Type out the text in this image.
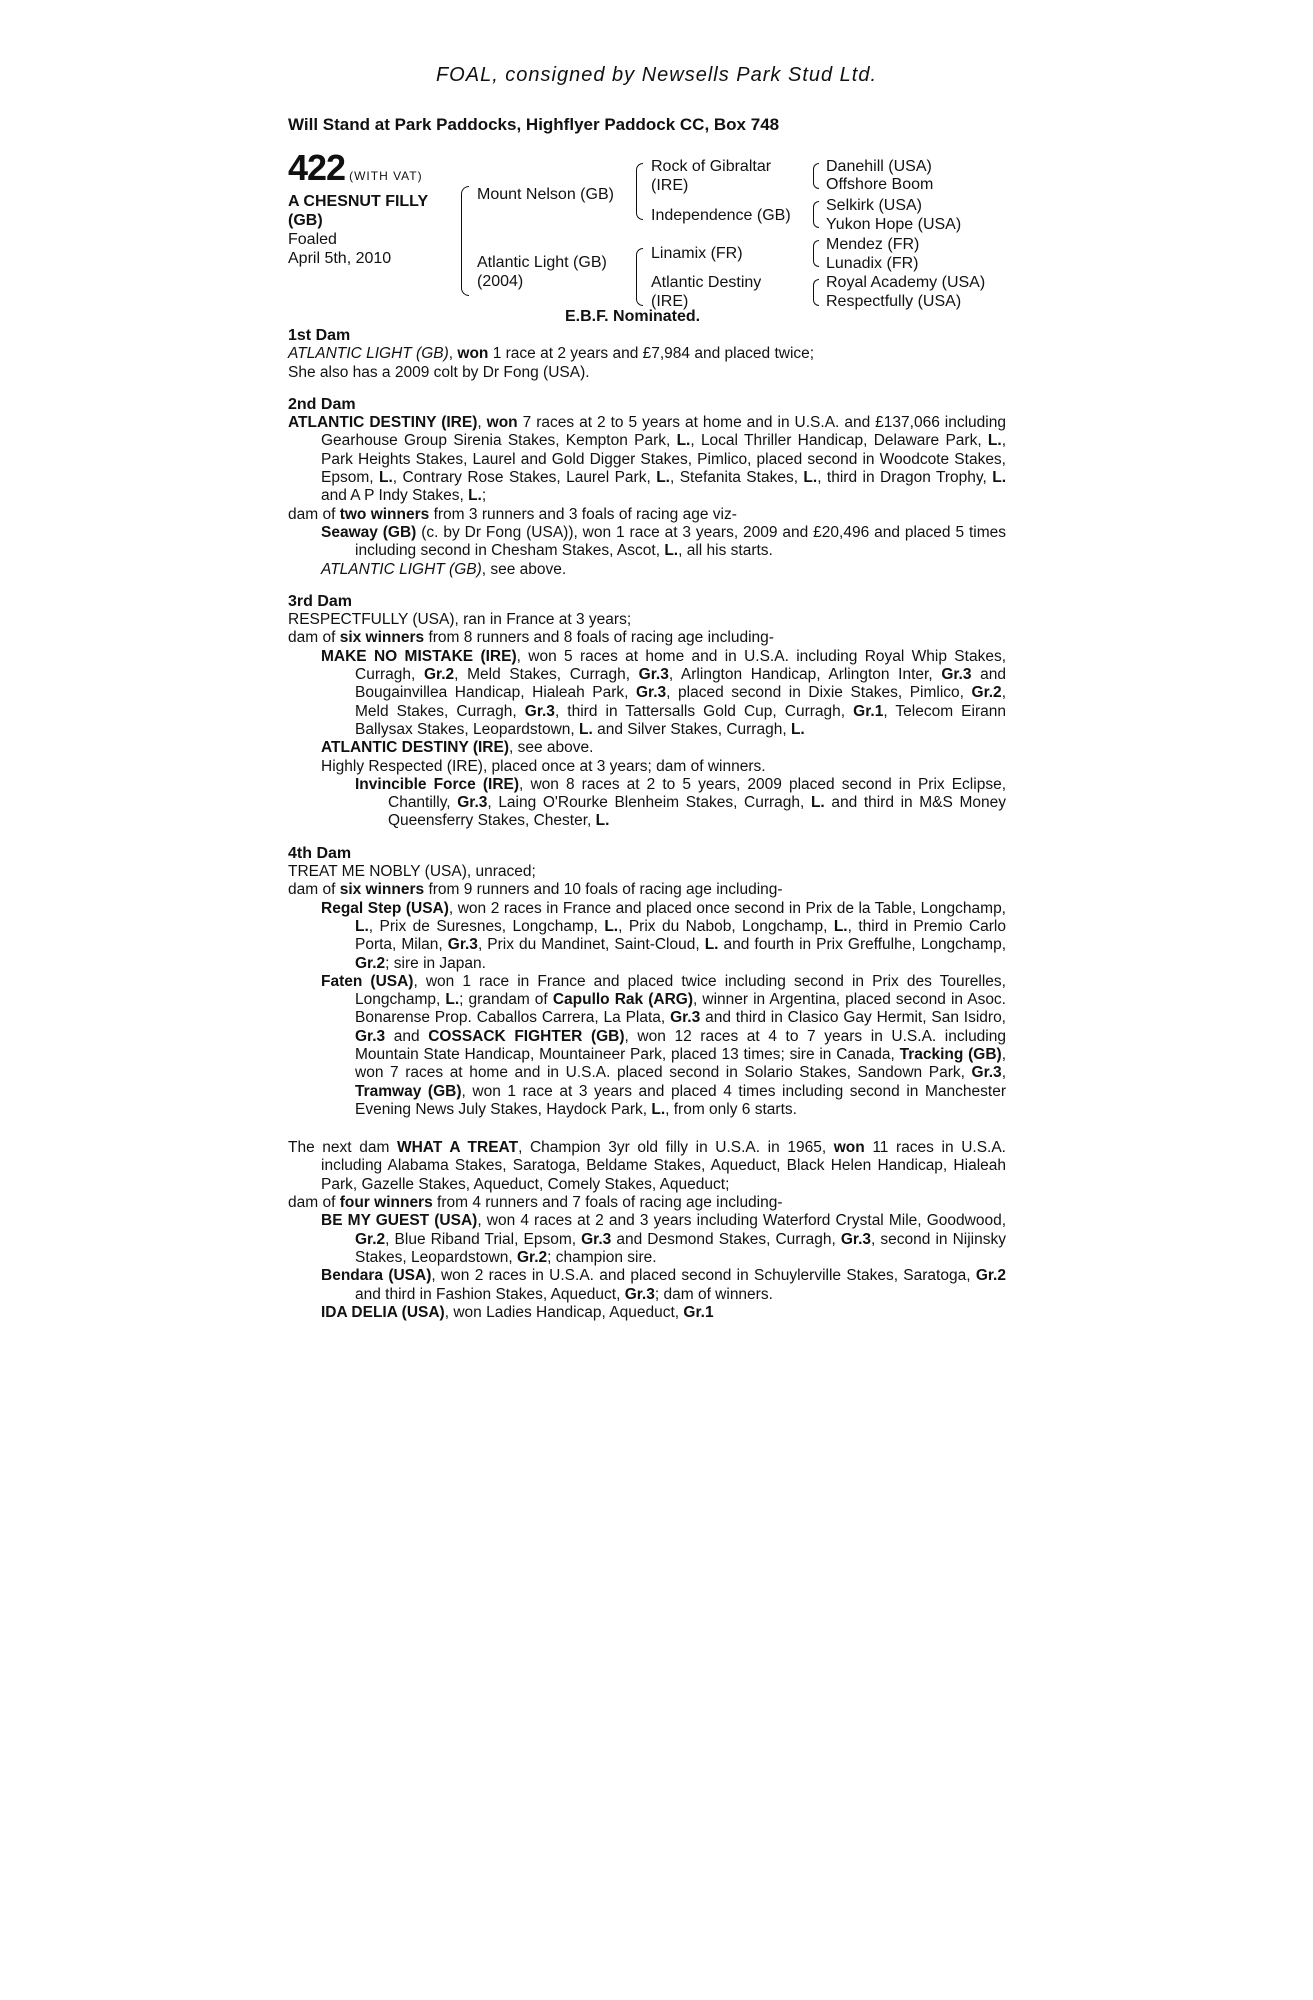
FOAL, consigned by Newsells Park Stud Ltd.
Will Stand at Park Paddocks, Highflyer Paddock CC, Box 748
422 (WITH VAT)
A CHESNUT FILLY
(GB)
Foaled
April 5th, 2010
Mount Nelson (GB)
Atlantic Light (GB)
(2004)
Rock of Gibraltar
(IRE)
Independence (GB)
Linamix (FR)
Atlantic Destiny
(IRE)
Danehill (USA)
Offshore Boom
Selkirk (USA)
Yukon Hope (USA)
Mendez (FR)
Lunadix (FR)
Royal Academy (USA)
Respectfully (USA)
E.B.F. Nominated.

1st Dam

ATLANTIC LIGHT (GB), won 1 race at 2 years and £7,984 and placed twice;

She also has a 2009 colt by Dr Fong (USA).

2nd Dam

ATLANTIC DESTINY (IRE), won 7 races at 2 to 5 years at home and in U.S.A. and £137,066 including Gearhouse Group Sirenia Stakes, Kempton Park, L., Local Thriller Handicap, Delaware Park, L., Park Heights Stakes, Laurel and Gold Digger Stakes, Pimlico, placed second in Woodcote Stakes, Epsom, L., Contrary Rose Stakes, Laurel Park, L., Stefanita Stakes, L., third in Dragon Trophy, L. and A P Indy Stakes, L.;

dam of two winners from 3 runners and 3 foals of racing age viz-

Seaway (GB) (c. by Dr Fong (USA)), won 1 race at 3 years, 2009 and £20,496 and placed 5 times including second in Chesham Stakes, Ascot, L., all his starts.

ATLANTIC LIGHT (GB), see above.

3rd Dam

RESPECTFULLY (USA), ran in France at 3 years;

dam of six winners from 8 runners and 8 foals of racing age including-

MAKE NO MISTAKE (IRE), won 5 races at home and in U.S.A. including Royal Whip Stakes, Curragh, Gr.2, Meld Stakes, Curragh, Gr.3, Arlington Handicap, Arlington Inter, Gr.3 and Bougainvillea Handicap, Hialeah Park, Gr.3, placed second in Dixie Stakes, Pimlico, Gr.2, Meld Stakes, Curragh, Gr.3, third in Tattersalls Gold Cup, Curragh, Gr.1, Telecom Eirann Ballysax Stakes, Leopardstown, L. and Silver Stakes, Curragh, L.

ATLANTIC DESTINY (IRE), see above.

Highly Respected (IRE), placed once at 3 years; dam of winners.

Invincible Force (IRE), won 8 races at 2 to 5 years, 2009 placed second in Prix Eclipse, Chantilly, Gr.3, Laing O'Rourke Blenheim Stakes, Curragh, L. and third in M&S Money Queensferry Stakes, Chester, L.

4th Dam

TREAT ME NOBLY (USA), unraced;

dam of six winners from 9 runners and 10 foals of racing age including-

Regal Step (USA), won 2 races in France and placed once second in Prix de la Table, Longchamp, L., Prix de Suresnes, Longchamp, L., Prix du Nabob, Longchamp, L., third in Premio Carlo Porta, Milan, Gr.3, Prix du Mandinet, Saint-Cloud, L. and fourth in Prix Greffulhe, Longchamp, Gr.2; sire in Japan.

Faten (USA), won 1 race in France and placed twice including second in Prix des Tourelles, Longchamp, L.; grandam of Capullo Rak (ARG), winner in Argentina, placed second in Asoc. Bonarense Prop. Caballos Carrera, La Plata, Gr.3 and third in Clasico Gay Hermit, San Isidro, Gr.3 and COSSACK FIGHTER (GB), won 12 races at 4 to 7 years in U.S.A. including Mountain State Handicap, Mountaineer Park, placed 13 times; sire in Canada, Tracking (GB), won 7 races at home and in U.S.A. placed second in Solario Stakes, Sandown Park, Gr.3, Tramway (GB), won 1 race at 3 years and placed 4 times including second in Manchester Evening News July Stakes, Haydock Park, L., from only 6 starts.

The next dam WHAT A TREAT, Champion 3yr old filly in U.S.A. in 1965, won 11 races in U.S.A. including Alabama Stakes, Saratoga, Beldame Stakes, Aqueduct, Black Helen Handicap, Hialeah Park, Gazelle Stakes, Aqueduct, Comely Stakes, Aqueduct;

dam of four winners from 4 runners and 7 foals of racing age including-

BE MY GUEST (USA), won 4 races at 2 and 3 years including Waterford Crystal Mile, Goodwood, Gr.2, Blue Riband Trial, Epsom, Gr.3 and Desmond Stakes, Curragh, Gr.3, second in Nijinsky Stakes, Leopardstown, Gr.2; champion sire.

Bendara (USA), won 2 races in U.S.A. and placed second in Schuylerville Stakes, Saratoga, Gr.2 and third in Fashion Stakes, Aqueduct, Gr.3; dam of winners.

IDA DELIA (USA), won Ladies Handicap, Aqueduct, Gr.1
